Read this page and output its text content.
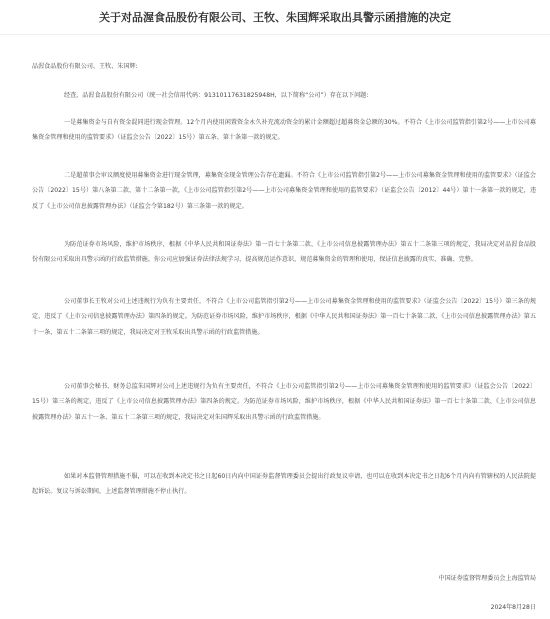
关于对品渥食品股份有限公司、王牧、朱国辉采取出具警示函措施的决定

品渥食品股份有限公司、王牧、朱国辉:

经查，品渥食品股份有限公司（统一社会信用代码：91310117631825948H，以下简称“公司”）存在以下问题:

一是募集资金与自有资金混同进行现金管理。12个月内使用闲置资金永久补充流动资金的累计金额超过超募资金总额的30%。不符合《上市公司监管指引第2号——上市公司募集资金管理和使用的监管要求》（证监会公告〔2022〕15号）第五条、第十条第一款的规定。

二是超董事会审议额度使用募集资金进行现金管理，募集资金现金管理公告存在遗漏。不符合《上市公司监管指引第2号——上市公司募集资金管理和使用的监管要求》（证监会公告〔2022〕15号）第八条第二款、第十二条第一款，《上市公司监管指引第2号——上市公司募集资金管理和使用的监管要求》（证监会公告〔2012〕44号）第十一条第一款的规定，违反了《上市公司信息披露管理办法》（证监会令第182号）第三条第一款的规定。

为防范证券市场风险，维护市场秩序，根据《中华人民共和国证券法》第一百七十条第二款、《上市公司信息披露管理办法》第五十二条第三项的规定，我局决定对品渥食品股份有限公司采取出具警示函的行政监管措施。你公司应加强证券法律法规学习，提高规范运作意识，规范募集资金的管理和使用，保证信息披露的真实、准确、完整。

公司董事长王牧对公司上述违规行为负有主要责任，不符合《上市公司监管指引第2号——上市公司募集资金管理和使用的监管要求》（证监会公告〔2022〕15号）第三条的规定，违反了《上市公司信息披露管理办法》第四条的规定。为防范证券市场风险，维护市场秩序，根据《中华人民共和国证券法》第一百七十条第二款、《上市公司信息披露管理办法》第五十一条、第五十二条第三项的规定，我局决定对王牧采取出具警示函的行政监管措施。

公司董事会秘书、财务总监朱国辉对公司上述违规行为负有主要责任，不符合《上市公司监管指引第2号——上市公司募集资金管理和使用的监管要求》（证监会公告〔2022〕15号）第三条的规定，违反了《上市公司信息披露管理办法》第四条的规定。为防范证券市场风险，维护市场秩序，根据《中华人民共和国证券法》第一百七十条第二款、《上市公司信息披露管理办法》第五十一条、第五十二条第三项的规定，我局决定对朱国辉采取出具警示函的行政监管措施。

如果对本监督管理措施不服，可以在收到本决定书之日起60日内向中国证券监督管理委员会提出行政复议申请，也可以在收到本决定书之日起6个月内向有管辖权的人民法院提起诉讼。复议与诉讼期间，上述监督管理措施不停止执行。

中国证券监督管理委员会上海监管局
2024年8月28日
